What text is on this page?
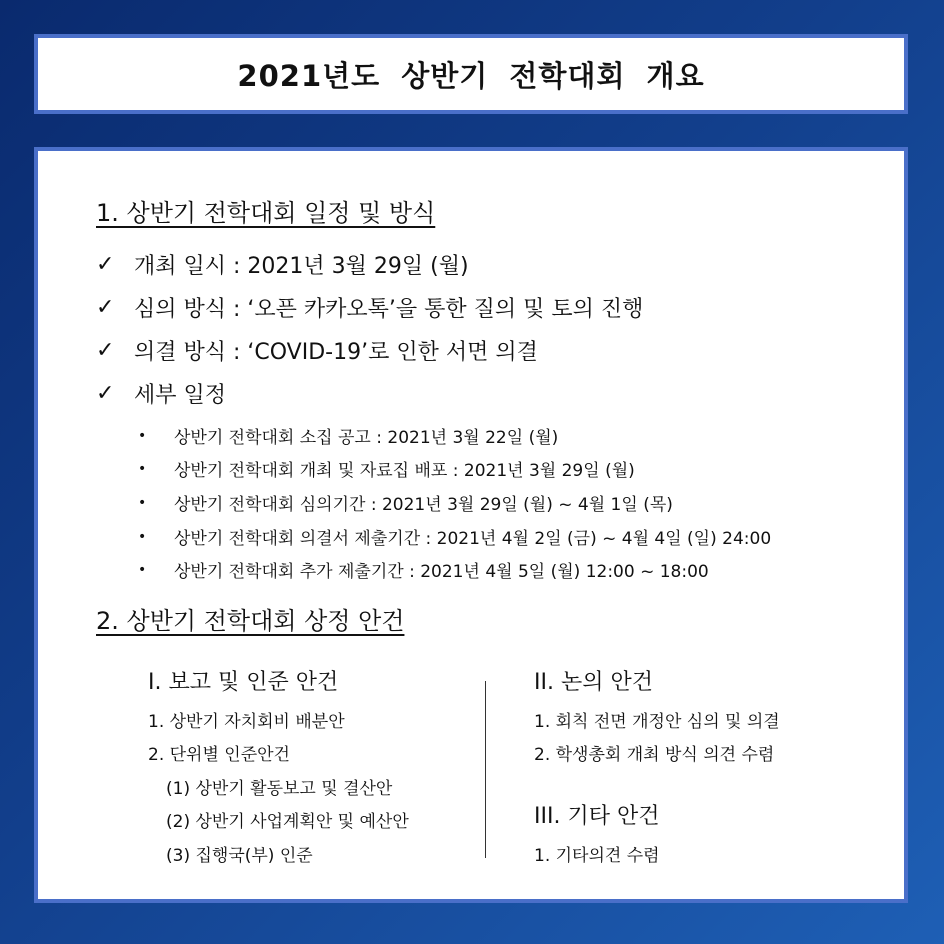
2021년도 상반기 전학대회 개요
1. 상반기 전학대회 일정 및 방식
✓ 개최 일시 : 2021년 3월 29일 (월)
✓ 심의 방식 : ‘오픈 카카오톡’을 통한 질의 및 토의 진행
✓ 의결 방식 : ‘COVID-19’로 인한 서면 의결
✓ 세부 일정
•	상반기 전학대회 소집 공고 : 2021년 3월 22일 (월)
•	상반기 전학대회 개최 및 자료집 배포 : 2021년 3월 29일 (월)
•	상반기 전학대회 심의기간 : 2021년 3월 29일 (월) ~ 4월 1일 (목)
•	상반기 전학대회 의결서 제출기간 : 2021년 4월 2일 (금) ~ 4월 4일 (일) 24:00
•	상반기 전학대회 추가 제출기간 : 2021년 4월 5일 (월) 12:00 ~ 18:00
2. 상반기 전학대회 상정 안건
I. 보고 및 인준 안건
1. 상반기 자치회비 배분안
2. 단위별 인준안건
(1) 상반기 활동보고 및 결산안
(2) 상반기 사업계획안 및 예산안
(3) 집행국(부) 인준
II. 논의 안건
1. 회칙 전면 개정안 심의 및 의결
2. 학생총회 개최 방식 의견 수렴
III. 기타 안건
1. 기타의견 수렴
